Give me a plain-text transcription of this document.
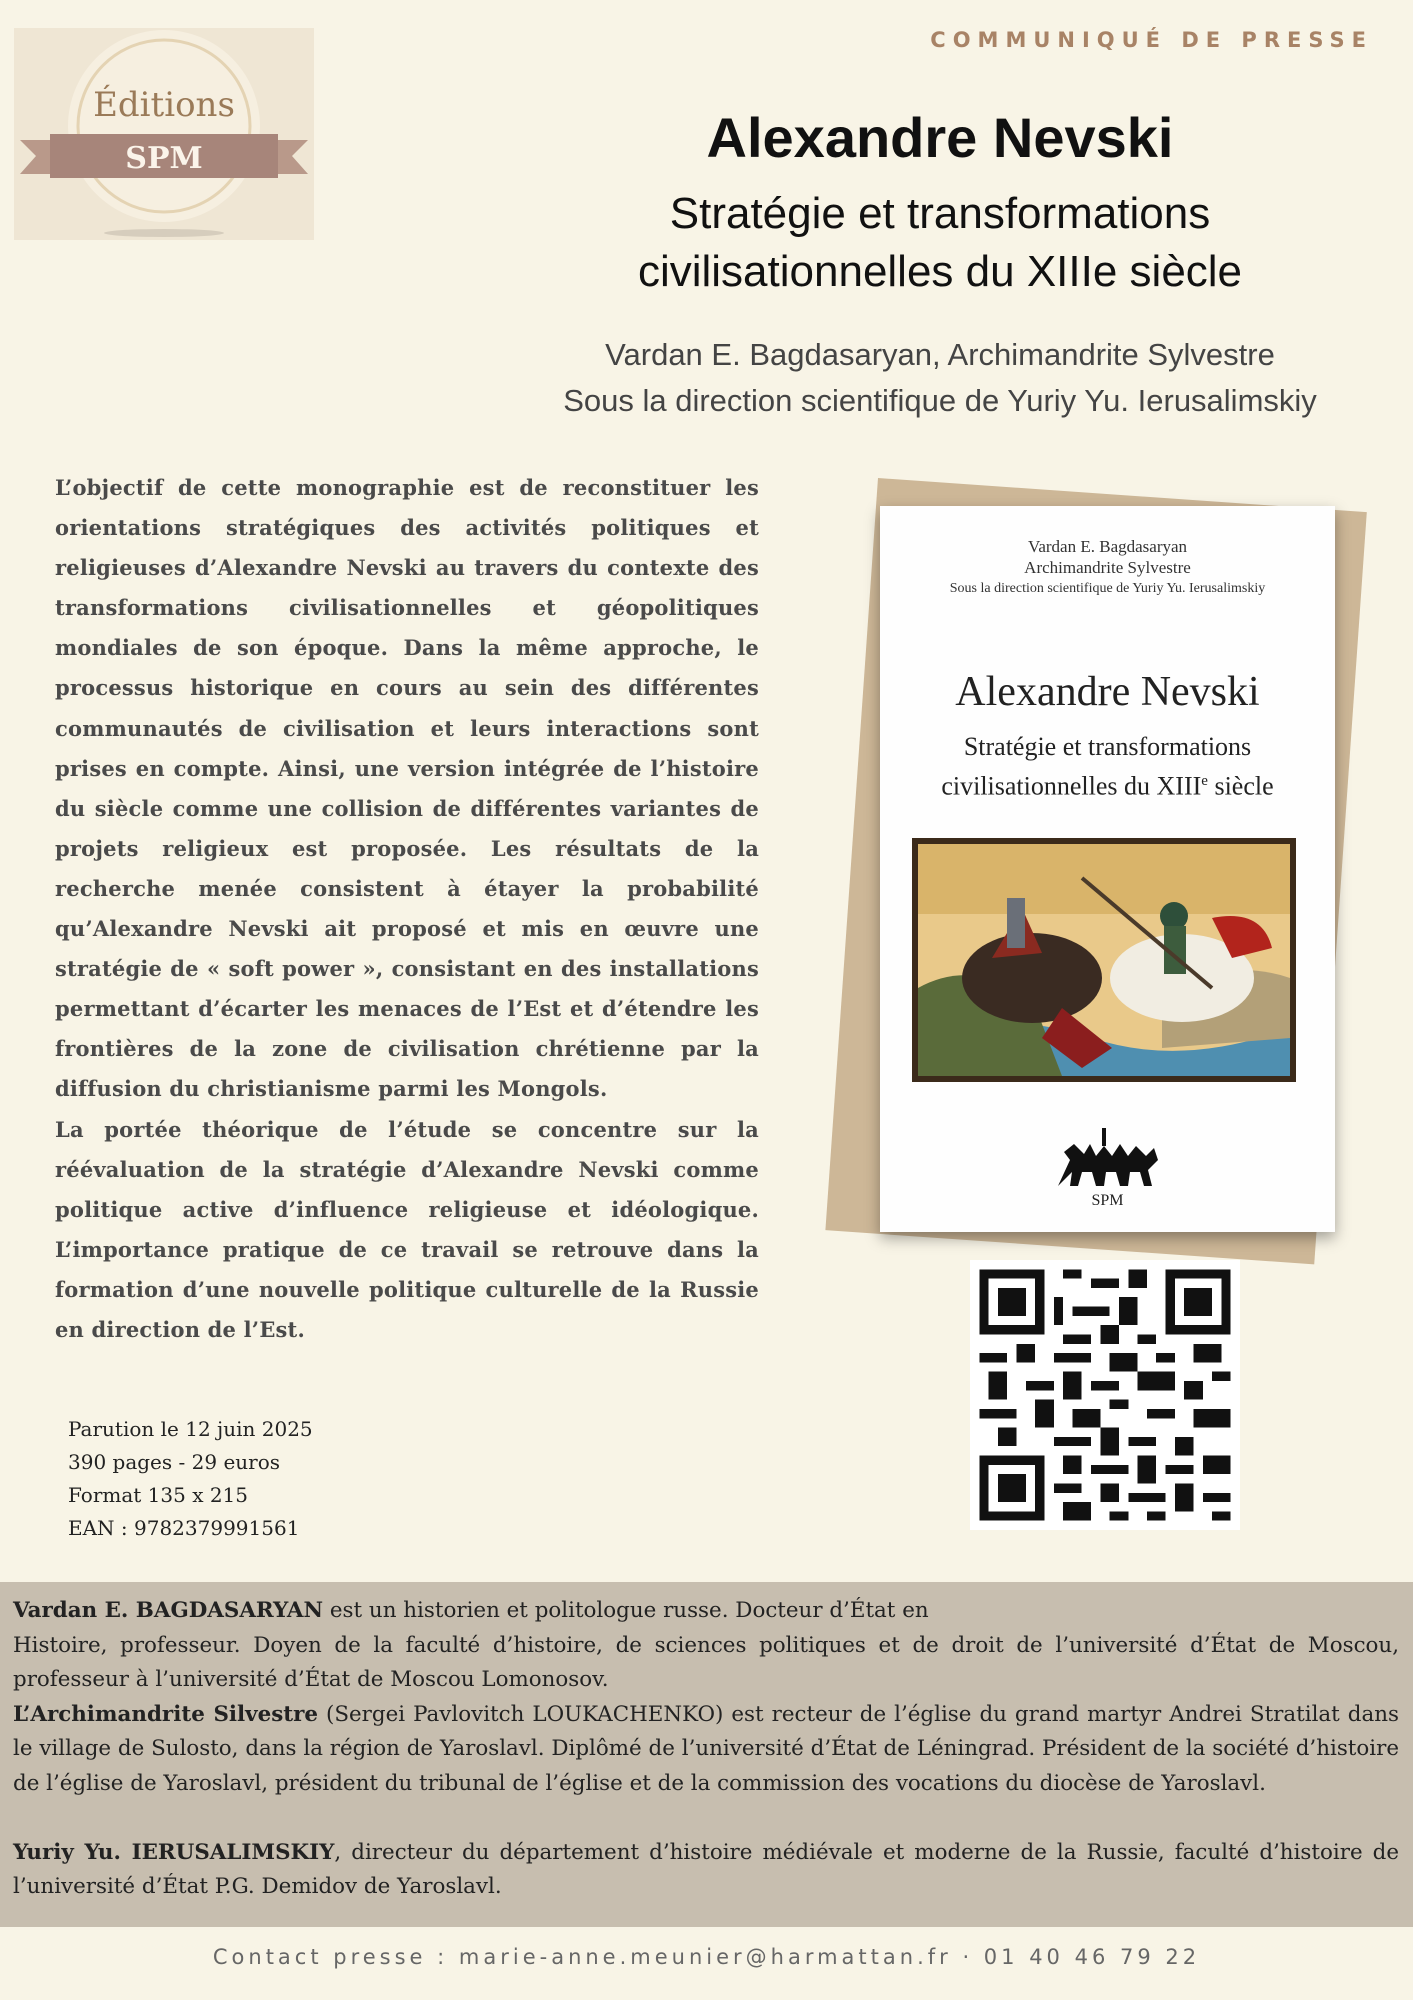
Éditions
SPM
COMMUNIQUÉ DE PRESSE
Alexandre Nevski
Stratégie et transformations
civilisationnelles du XIIIe siècle
Vardan E. Bagdasaryan, Archimandrite Sylvestre
Sous la direction scientifique de Yuriy Yu. Ierusalimskiy

L’objectif de cette monographie est de reconstituer les orientations stratégiques des activités politiques et religieuses d’Alexandre Nevski au travers du contexte des transformations civilisationnelles et géopolitiques mondiales de son époque. Dans la même approche, le processus historique en cours au sein des différentes communautés de civilisation et leurs interactions sont prises en compte. Ainsi, une version intégrée de l’histoire du siècle comme une collision de différentes variantes de projets religieux est proposée. Les résultats de la recherche menée consistent à étayer la probabilité qu’Alexandre Nevski ait proposé et mis en œuvre une stratégie de « soft power », consistant en des installations permettant d’écarter les menaces de l’Est et d’étendre les frontières de la zone de civilisation chrétienne par la diffusion du christianisme parmi les Mongols.

La portée théorique de l’étude se concentre sur la réévaluation de la stratégie d’Alexandre Nevski comme politique active d’influence religieuse et idéologique. L’importance pratique de ce travail se retrouve dans la formation d’une nouvelle politique culturelle de la Russie en direction de l’Est.

Vardan E. Bagdasaryan
Archimandrite Sylvestre
Sous la direction scientifique de Yuriy Yu. Ierusalimskiy
Alexandre Nevski
Stratégie et transformations
civilisationnelles du XIIIe siècle
SPM
Parution le 12 juin 2025
390 pages - 29 euros
Format 135 x 215
EAN : 9782379991561

Vardan E. BAGDASARYAN est un historien et politologue russe. Docteur d’État en

Histoire, professeur. Doyen de la faculté d’histoire, de sciences politiques et de droit de l’université d’État de Moscou, professeur à l’université d’État de Moscou Lomonosov.

L’Archimandrite Silvestre (Sergei Pavlovitch LOUKACHENKO) est recteur de l’église du grand martyr Andrei Stratilat dans le village de Sulosto, dans la région de Yaroslavl. Diplômé de l’université d’État de Léningrad. Président de la société d’histoire de l’église de Yaroslavl, président du tribunal de l’église et de la commission des vocations du diocèse de Yaroslavl.

Yuriy Yu. IERUSALIMSKIY, directeur du département d’histoire médiévale et moderne de la Russie, faculté d’histoire de l’université d’État P.G. Demidov de Yaroslavl.

Contact presse : marie-anne.meunier@harmattan.fr · 01 40 46 79 22
